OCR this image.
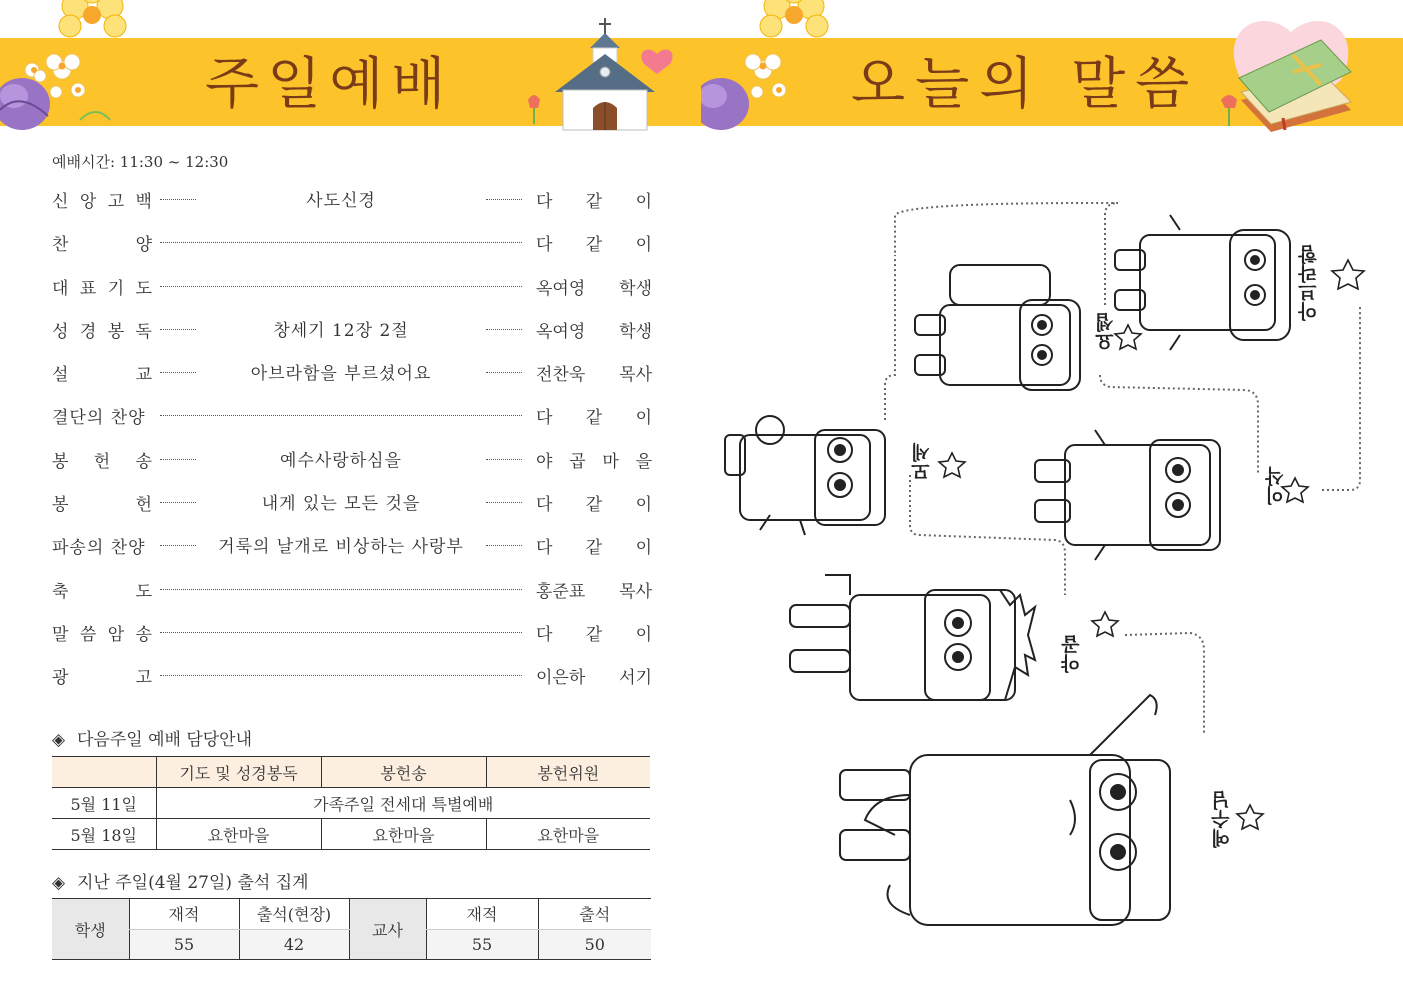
주일예배	오늘의 말씀
예배시간: 11:30 ~ 12:30
신 앙 고 백	사도신경	다 같 이
찬	양	다 같 이
대 표 기 도	옥여영 학생
성 경 봉 독	창세기 12장 2절	옥여영 학생
설	교	아브라함을 부르셨어요	전찬욱 목사
결단의 찬양	다 같 이
봉 헌 송	예수사랑하심을	야 곱 마 을
봉	헌	내게 있는 모든 것을	다 같 이
파송의 찬양	거룩의 날개로 비상하는 사랑부	다 같 이
축	도	홍준표 목사
말 씀 암 송	다 같 이
광	고	이은하 서기
◈ 다음주일 예배 담당안내
	기도 및 성경봉독	봉헌송	봉헌위원
5월 11일	가족주일 전세대 특별예배		
5월 18일	요한마을	요한마을	요한마을
◈ 지난 주일(4월 27일) 출석 집계
학생	재적	출석(현장)	교사	재적	출석
	55	42		55	50
아브라함
이삭
야곱
요셉
모세
예수님
